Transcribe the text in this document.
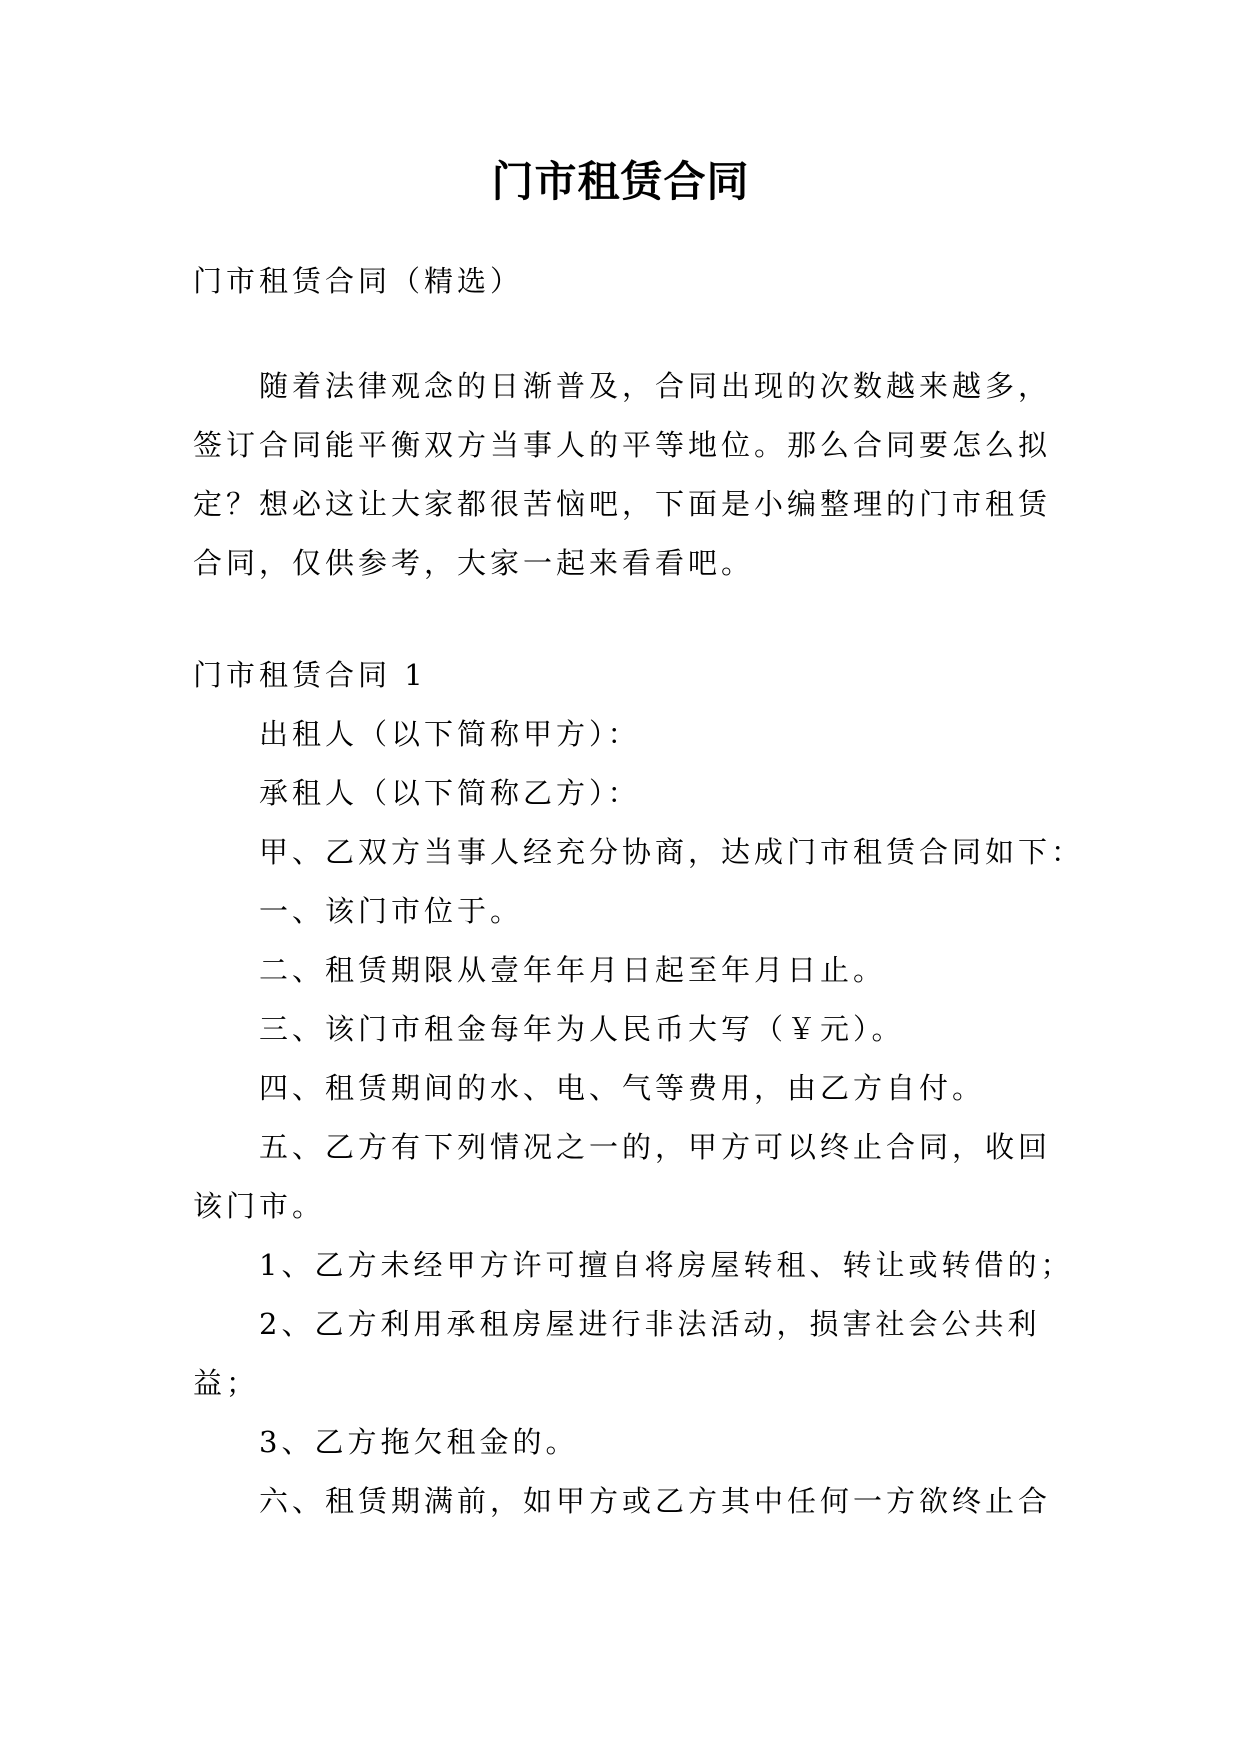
门市租赁合同

门市租赁合同（精选）

随着法律观念的日渐普及，合同出现的次数越来越多，

签订合同能平衡双方当事人的平等地位。那么合同要怎么拟

定？想必这让大家都很苦恼吧，下面是小编整理的门市租赁

合同，仅供参考，大家一起来看看吧。

门市租赁合同 1

出租人（以下简称甲方）：

承租人（以下简称乙方）：

甲、乙双方当事人经充分协商，达成门市租赁合同如下：

一、该门市位于。

二、租赁期限从壹年年月日起至年月日止。

三、该门市租金每年为人民币大写（￥元）。

四、租赁期间的水、电、气等费用，由乙方自付。

五、乙方有下列情况之一的，甲方可以终止合同，收回

该门市。

1、乙方未经甲方许可擅自将房屋转租、转让或转借的；

2、乙方利用承租房屋进行非法活动，损害社会公共利

益；

3、乙方拖欠租金的。

六、租赁期满前，如甲方或乙方其中任何一方欲终止合
